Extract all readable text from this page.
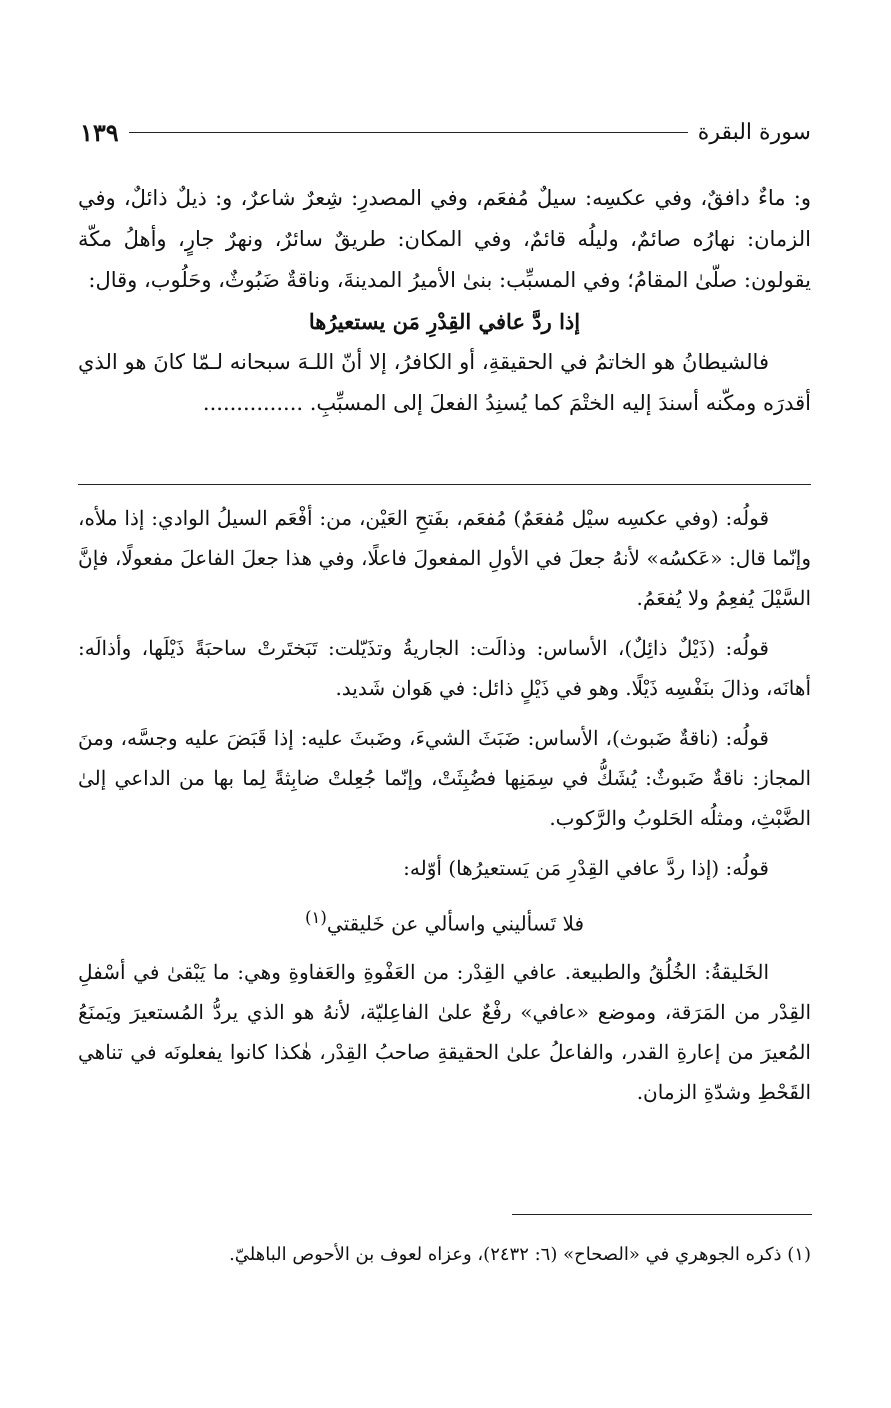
سورة البقرة
١٣٩

و: ماءٌ دافقٌ، وفي عكسِه: سيلٌ مُفعَم، وفي المصدرِ: شِعرٌ شاعرٌ، و: ذيلٌ ذائلٌ، وفي الزمان: نهارُه صائمٌ، وليلُه قائمٌ، وفي المكان: طريقٌ سائرٌ، ونهرٌ جارٍ، وأهلُ مكّة يقولون: صلّىٰ المقامُ؛ وفي المسبِّب: بنىٰ الأميرُ المدينةَ، وناقةٌ ضَبُوثٌ، وحَلُوب، وقال:

إذا ردَّ عافي القِدْرِ مَن يستعيرُها

فالشيطانُ هو الخاتمُ في الحقيقةِ، أو الكافرُ، إلا أنّ اللـهَ سبحانه لـمّا كانَ هو الذي أقدرَه ومكّنه أسندَ إليه الختْمَ كما يُسنِدُ الفعلَ إلى المسبِّبِ. ...............

قولُه: (وفي عكسِه سيْل مُفعَمٌ) مُفعَم، بفَتحِ العَيْن، من: أفْعَم السيلُ الوادي: إذا ملأه، وإنّما قال: «عَكسُه» لأنهُ جعلَ في الأولِ المفعولَ فاعلًا، وفي هذا جعلَ الفاعلَ مفعولًا، فإنَّ السَّيْلَ يُفعِمُ ولا يُفعَمُ.

قولُه: (ذَيْلٌ ذائِلٌ)، الأساس: وذالَت: الجاريةُ وتذَيّلت: تَبَختَرتْ ساحبَةً ذَيْلَها، وأذالَه: أهانَه، وذالَ بنَفْسِه ذَيْلًا. وهو في ذَيْلٍ ذائل: في هَوان شَديد.

قولُه: (ناقةٌ ضَبوث)، الأساس: ضَبَثَ الشيءَ، وضَبثَ عليه: إذا قَبَضَ عليه وجسَّه، ومنَ المجاز: ناقةٌ ضَبوثٌ: يُشَكُّ في سِمَنِها فضُبِثَتْ، وإنّما جُعِلتْ ضابِثةً لِما بها من الداعي إلىٰ الضَّبْثِ، ومثلُه الحَلوبُ والرَّكوب.

قولُه: (إذا ردَّ عافي القِدْرِ مَن يَستعيرُها) أوّله:

فلا تَسأليني واسألي عن خَليقتي$^{(١)}$

الخَليقةُ: الخُلُقُ والطبيعة. عافي القِدْر: من العَفْوةِ والعَفاوةِ وهي: ما يَبْقىٰ في أسْفلِ القِدْر من المَرَقة، وموضع «عافي» رفْعٌ علىٰ الفاعِليّة، لأنهُ هو الذي يردُّ المُستعيرَ ويَمنَعُ المُعيرَ من إعارةِ القدر، والفاعلُ علىٰ الحقيقةِ صاحبُ القِدْر، هٰكذا كانوا يفعلونَه في تناهي القَحْطِ وشدّةِ الزمان.

(١) ذكره الجوهري في «الصحاح» (٦: ٢٤٣٢)، وعزاه لعوف بن الأحوص الباهليّ.
